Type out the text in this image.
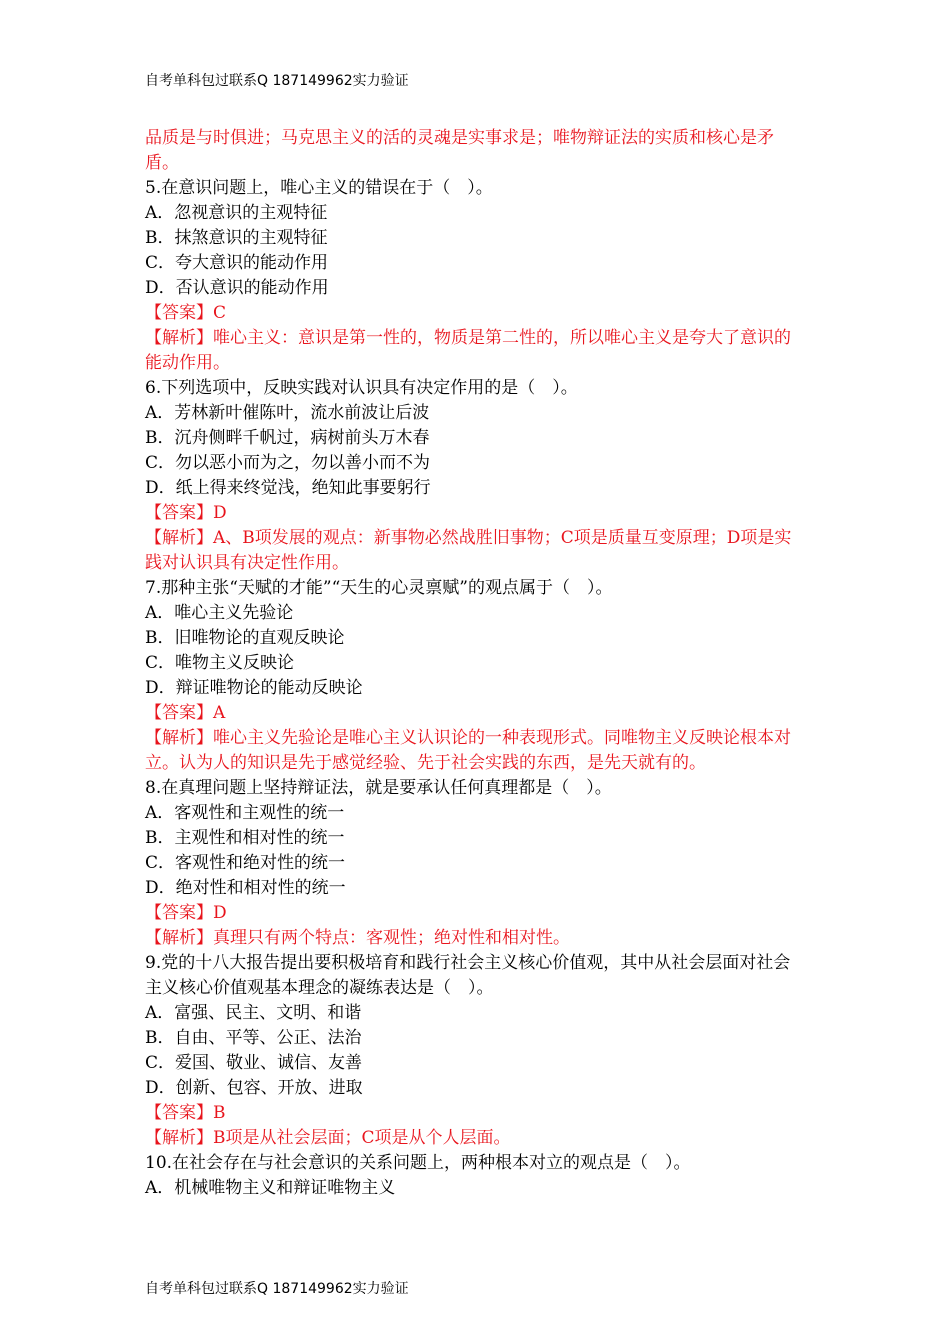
自考单科包过联系Q 187149962实力验证

品质是与时俱进；马克思主义的活的灵魂是实事求是；唯物辩证法的实质和核心是矛盾。

5.在意识问题上，唯心主义的错误在于（　）。

A．忽视意识的主观特征

B．抹煞意识的主观特征

C．夸大意识的能动作用

D．否认意识的能动作用

【答案】C

【解析】唯心主义：意识是第一性的，物质是第二性的，所以唯心主义是夸大了意识的能动作用。

6.下列选项中，反映实践对认识具有决定作用的是（　）。

A．芳林新叶催陈叶，流水前波让后波

B．沉舟侧畔千帆过，病树前头万木春

C．勿以恶小而为之，勿以善小而不为

D．纸上得来终觉浅，绝知此事要躬行

【答案】D

【解析】A、B项发展的观点：新事物必然战胜旧事物；C项是质量互变原理；D项是实践对认识具有决定性作用。

7.那种主张“天赋的才能”“天生的心灵禀赋”的观点属于（　）。

A．唯心主义先验论

B．旧唯物论的直观反映论

C．唯物主义反映论

D．辩证唯物论的能动反映论

【答案】A

【解析】唯心主义先验论是唯心主义认识论的一种表现形式。同唯物主义反映论根本对立。认为人的知识是先于感觉经验、先于社会实践的东西，是先天就有的。

8.在真理问题上坚持辩证法，就是要承认任何真理都是（　）。

A．客观性和主观性的统一

B．主观性和相对性的统一

C．客观性和绝对性的统一

D．绝对性和相对性的统一

【答案】D

【解析】真理只有两个特点：客观性；绝对性和相对性。

9.党的十八大报告提出要积极培育和践行社会主义核心价值观，其中从社会层面对社会主义核心价值观基本理念的凝练表达是（　）。

A．富强、民主、文明、和谐

B．自由、平等、公正、法治

C．爱国、敬业、诚信、友善

D．创新、包容、开放、进取

【答案】B

【解析】B项是从社会层面；C项是从个人层面。

10.在社会存在与社会意识的关系问题上，两种根本对立的观点是（　）。

A．机械唯物主义和辩证唯物主义

自考单科包过联系Q 187149962实力验证
